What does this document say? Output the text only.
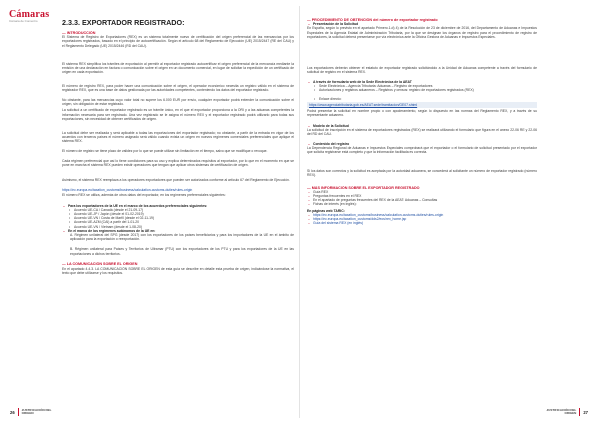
Cámaras
Cámara de Comercio	2.3.3. EXPORTADOR REGISTRADO:
— INTRODUCCIÓN

El Sistema de Registro de Exportadores (REX) es un sistema totalmente nuevo de certificación del origen preferencial de las mercancías por los exportadores registrados, basado en el principio de autocertificación. Según el artículo 68 del Reglamento de Ejecución (UE) 2015/2447 (RE del CAU) y el Reglamento Delegado (UE) 2015/2446 (RD del CAU).

El sistema REX simplifica los trámites de exportación al permitir al exportador registrado autocertificar el origen preferencial de la mercancía mediante la emisión de una declaración en factura o comunicación sobre el origen en un documento comercial, en lugar de solicitar la expedición de un certificado de origen en cada exportación.

El número de registro REX, para poder hacer una comunicación sobre el origen, el operador económico necesita un registro válido en el sistema de registrador REX, que es una base de datos gestionada por las autoridades competentes, conteniendo los datos del exportador registrado.

No obstante, para las mercancías cuyo valor total no supere los 6.000 EUR por envío, cualquier exportador podrá extender la comunicación sobre el origen, sin obligación de estar registrado.

La solicitud a un certificado de exportador registrado es un trámite único, en el que el exportador proporciona a la ORI y a las aduanas competentes la información necesaria para ser registrado. Una vez registrado se le asigna el número REX y el exportador registrado podrá utilizarlo para todas sus exportaciones, sin necesidad de obtener certificados de origen.

La solicitud debe ser realizada y será aplicable a todas las exportaciones del exportador registrado; no obstante, a partir de la entrada en vigor de los acuerdos con terceros países el número asignado será válido cuando exista un origen en nuevos regímenes comerciales preferenciales que aplique el sistema REX.

El número de registro se tiene plazo de validez por lo que se puede utilizar sin limitación en el tiempo, salvo que se modifique o revoque.

Cada régimen preferencial que así lo tiene condiciones para su uso y explica determinados requisitos al exportador, por lo que en el momento en que se pone en marcha el sistema REX pueden existir operadores que tengan que aplicar otros sistemas de certificación de origen.

Asimismo, el sistema REX reemplaza a los operadores exportadores que pueden ser autorizados conforme al artículo 67 del Reglamento de Ejecución.

https://ec.europa.eu/taxation_customs/business/calculation-customs-duties/rules-origin

El número REX se utiliza, además de otros datos del exportador, en los regímenes preferenciales siguientes:

– Para los exportadores de la UE en el marco de los acuerdos preferenciales siguientes:
• Acuerdo UE-CA / Canadá (desde el 21-09-17)
• Acuerdo UE-JP / Japón (desde el 01-02-2019)
• Acuerdo UE-VN / Costa de Marfil (desde el 02-11-19)
• Acuerdo UE-AZM (CAI) a partir del 1-01-20
• Acuerdo UE-VN / Vietnam (desde el 1-08-20)
– En el marco de los regímenes autónomos de la UE en:

A. Régimen unilateral del SPG (desde 2017) con los exportadores de los países beneficiarios y para los importadores de la UE en el ámbito de aplicación para la exportación o reexportación.

B. Régimen unilateral para Países y Territorios de Ultramar (PTU) con los exportadores de los PTU y para los exportadores de la UE en las exportaciones a dichos territorios.

— LA COMUNICACIÓN SOBRE EL ORIGEN

En el apartado 4.4.3. LA COMUNICACIÓN SOBRE EL ORIGEN de esta guía se describe en detalle esta prueba de origen, indicándose la normativa, el texto que debe utilizarse y los requisitos.

— PROCEDIMIENTO DE OBTENCIÓN del número de exportador registrado
– Presentación de la Solicitud

En España, según lo previsto en el apartado Primero.1.d) 4) de la Resolución de 23 de diciembre de 2016, del Departamento de Aduanas e Impuestos Especiales de la Agencia Estatal de Administración Tributaria, por la que se designan los órganos de registro para el procedimiento de registro de exportadores, la solicitud deberá presentarse por vía electrónica ante la Oficina Gestora de Aduanas e Impuestos Especiales.

Los exportadores deberán obtener el estatuto de exportador registrado solicitándolo a la Unidad de Aduanas competente a través del formulario de solicitud de registro en el sistema REX.

– A través de formulario web de la Sede Electrónica de la AEAT
• Sede Electrónica – Agencia Tributaria: Aduanas – Registro de exportadores
• Autorizaciones y registros aduaneros – Registros y censos: registro de exportadores registrados (REX)
• Enlace directo:

https://www.agenciatributaria.gob.es/AEAT.sede/tramitacion/GE07.shtml

Podrá presentar la solicitud en nombre propio o con apoderamiento, según lo dispuesto en las normas del Reglamento REX, y a través de su representante aduanero.

– Modelo de la Solicitud

La solicitud de inscripción en el sistema de exportadores registrados (REX) se realizará utilizando el formulario que figura en el anexo 22-06 RE y 22-06 del RD del CAU.

– Contenido del registro

La Dependencia Regional de Aduanas e Impuestos Especiales comprobará que el exportador o el formulario de solicitud presentado por el exportador que solicita registrarse está completo y que la información facilitada es correcta.

Si los datos son correctos y la solicitud es aceptada por la autoridad aduanera, se concederá al solicitante un número de exportador registrado (número REX).

— MÁS INFORMACIÓN SOBRE EL EXPORTADOR REGISTRADO
– Guía REX
– Preguntas frecuentes en el REX
– En el apartado de preguntas frecuentes del REX de la AEAT: Aduanas – Consultas
– Fichas de interés (en inglés):
En páginas web TARIC:
– https://ec.europa.eu/taxation_customs/business/calculation-customs-duties/rules-origin
– https://ec.europa.eu/taxation_customs/dds2/eos/rex_home.jsp
– Guía del sistema REX (en inglés)
26 JUSTIFICACIÓN DEL ORIGEN	27
JUSTIFICACIÓN DEL ORIGEN
